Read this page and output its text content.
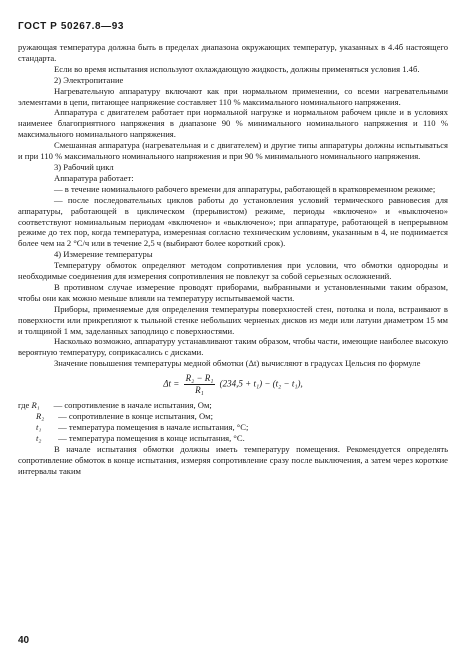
ГОСТ Р 50267.8—93

ружающая температура должна быть в пределах диапазона окружающих температур, указанных в 4.4б настоящего стандарта.

Если во время испытания используют охлаждающую жидкость, должны применяться условия 1.4б.

2) Электропитание

Нагревательную аппаратуру включают как при нормальном применении, со всеми нагревательными элементами в цепи, питающее напряжение составляет 110 % максимального номинального напряжения.

Аппаратура с двигателем работает при нормальной нагрузке и нормальном рабочем цикле и в условиях наименее благоприятного напряжения в диапазоне 90 % минимального номинального напряжения и 110 % максимального номинального напряжения.

Смешанная аппаратура (нагревательная и с двигателем) и другие типы аппаратуры должны испытываться и при 110 % максимального номинального напряжения и при 90 % минимального номинального напряжения.

3) Рабочий цикл

Аппаратура работает:

— в течение номинального рабочего времени для аппаратуры, работающей в кратковременном режиме;

— после последовательных циклов работы до установления условий термического равновесия для аппаратуры, работающей в циклическом (прерывистом) режиме, периоды «включено» и «выключено» соответствуют номинальным периодам «включено» и «выключено»; при аппаратуре, работающей в непрерывном режиме до тех пор, когда температура, измеренная согласно техническим условиям, указанным в 4, не поднимается более чем на 2 °С/ч или в течение 2,5 ч (выбирают более короткий срок).

4) Измерение температуры

Температуру обмоток определяют методом сопротивления при условии, что обмотки однородны и необходимые соединения для измерения сопротивления не повлекут за собой серьезных осложнений.

В противном случае измерение проводят приборами, выбранными и установленными таким образом, чтобы они как можно меньше влияли на температуру испытываемой части.

Приборы, применяемые для определения температуры поверхностей стен, потолка и пола, встраивают в поверхности или прикрепляют к тыльной стенке небольших черненых дисков из меди или латуни диаметром 15 мм и толщиной 1 мм, заделанных заподлицо с поверхностями.

Насколько возможно, аппаратуру устанавливают таким образом, чтобы части, имеющие наиболее высокую вероятную температуру, соприкасались с дисками.

Значение повышения температуры медной обмотки (Δt) вычисляют в градусах Цельсия по формуле

$\Delta t = \frac{\text{R₂ − R₁}}{\text{R₁}} (234,5 + t_1) - (t_2 - t_1)$,
где R₁ — сопротивление в начале испытания, Ом;
R₂ — сопротивление в конце испытания, Ом;
t₁ — температура помещения в начале испытания, °С;
t₂ — температура помещения в конце испытания, °С.

В начале испытания обмотки должны иметь температуру помещения. Рекомендуется определять сопротивление обмоток в конце испытания, измеряя сопротивление сразу после выключения, а затем через короткие интервалы таким

40
